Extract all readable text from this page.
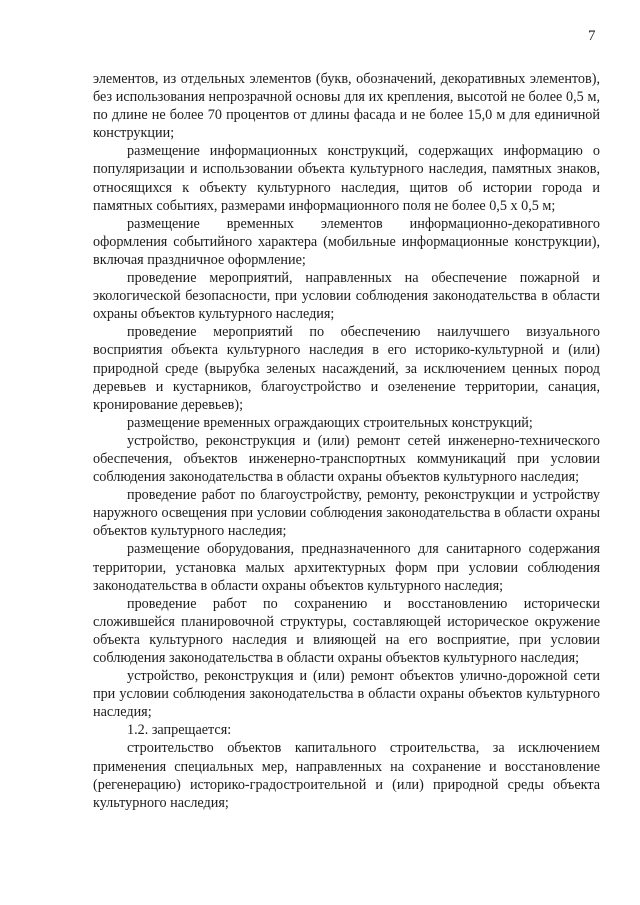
7

элементов, из отдельных элементов (букв, обозначений, декоративных элементов), без использования непрозрачной основы для их крепления, высотой не более 0,5 м, по длине не более 70 процентов от длины фасада и не более 15,0 м для единичной конструкции;

размещение информационных конструкций, содержащих информацию о популяризации и использовании объекта культурного наследия, памятных знаков, относящихся к объекту культурного наследия, щитов об истории города и памятных событиях, размерами информационного поля не более 0,5 х 0,5 м;

размещение временных элементов информационно-декоративного оформления событийного характера (мобильные информационные конструкции), включая праздничное оформление;

проведение мероприятий, направленных на обеспечение пожарной и экологической безопасности, при условии соблюдения законодательства в области охраны объектов культурного наследия;

проведение мероприятий по обеспечению наилучшего визуального восприятия объекта культурного наследия в его историко-культурной и (или) природной среде (вырубка зеленых насаждений, за исключением ценных пород деревьев и кустарников, благоустройство и озеленение территории, санация, кронирование деревьев);

размещение временных ограждающих строительных конструкций;

устройство, реконструкция и (или) ремонт сетей инженерно-технического обеспечения, объектов инженерно-транспортных коммуникаций при условии соблюдения законодательства в области охраны объектов культурного наследия;

проведение работ по благоустройству, ремонту, реконструкции и устройству наружного освещения при условии соблюдения законодательства в области охраны объектов культурного наследия;

размещение оборудования, предназначенного для санитарного содержания территории, установка малых архитектурных форм при условии соблюдения законодательства в области охраны объектов культурного наследия;

проведение работ по сохранению и восстановлению исторически сложившейся планировочной структуры, составляющей историческое окружение объекта культурного наследия и влияющей на его восприятие, при условии соблюдения законодательства в области охраны объектов культурного наследия;

устройство, реконструкция и (или) ремонт объектов улично-дорожной сети при условии соблюдения законодательства в области охраны объектов культурного наследия;

1.2. запрещается:

строительство объектов капитального строительства, за исключением применения специальных мер, направленных на сохранение и восстановление (регенерацию) историко-градостроительной и (или) природной среды объекта культурного наследия;
